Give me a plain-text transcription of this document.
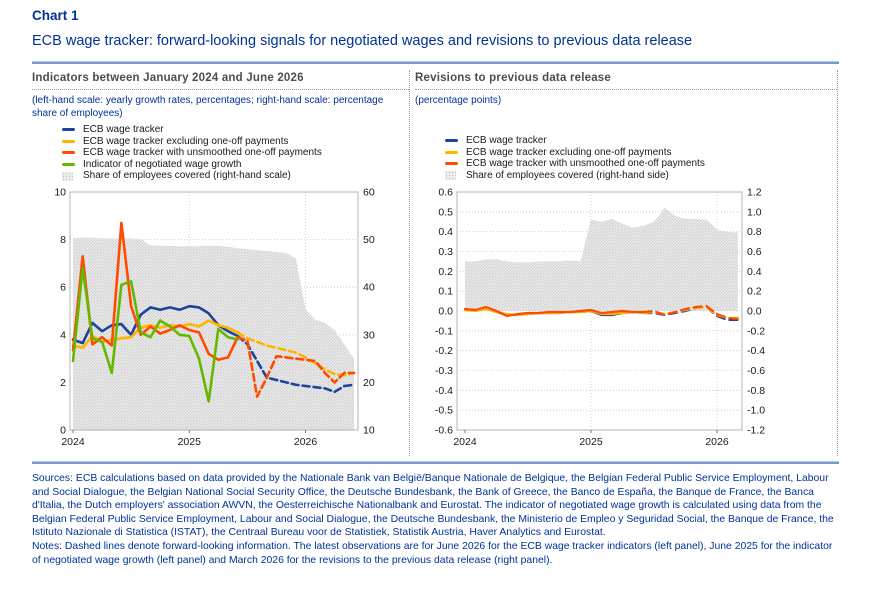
Chart 1

ECB wage tracker: forward-looking signals for negotiated wages and revisions to previous data release
Indicators between January 2024 and June 2026

(left-hand scale: yearly growth rates, percentages; right-hand scale: percentage share of employees)

ECB wage tracker
ECB wage tracker excluding one-off payments
ECB wage tracker with unsmoothed one-off payments
Indicator of negotiated wage growth
Share of employees covered (right-hand scale)
0
2
4
6
8
10
10
20
30
40
50
60
2024	2025	2026
Revisions to previous data release

(percentage points)

ECB wage tracker
ECB wage tracker excluding one-off payments
ECB wage tracker with unsmoothed one-off payments
Share of employees covered (right-hand side)
-0.6
-0.5
-0.4
-0.3
-0.2
-0.1
0.0
0.1
0.2
0.3
0.4
0.5
0.6
-1.2
-1.0
-0.8
-0.6
-0.4
-0.2
0.0
0.2
0.4
0.6
0.8
1.0
1.2
2024	2025	2026

Sources: ECB calculations based on data provided by the Nationale Bank van België/Banque Nationale de Belgique, the Belgian Federal Public Service Employment, Labour and Social Dialogue, the Belgian National Social Security Office, the Deutsche Bundesbank, the Bank of Greece, the Banco de España, the Banque de France, the Banca d'Italia, the Dutch employers' association AWVN, the Oesterreichische Nationalbank and Eurostat. The indicator of negotiated wage growth is calculated using data from the Belgian Federal Public Service Employment, Labour and Social Dialogue, the Deutsche Bundesbank, the Ministerio de Empleo y Seguridad Social, the Banque de France, the Istituto Nazionale di Statistica (ISTAT), the Centraal Bureau voor de Statistiek, Statistik Austria, Haver Analytics and Eurostat.

Notes: Dashed lines denote forward-looking information. The latest observations are for June 2026 for the ECB wage tracker indicators (left panel), June 2025 for the indicator of negotiated wage growth (left panel) and March 2026 for the revisions to the previous data release (right panel).
